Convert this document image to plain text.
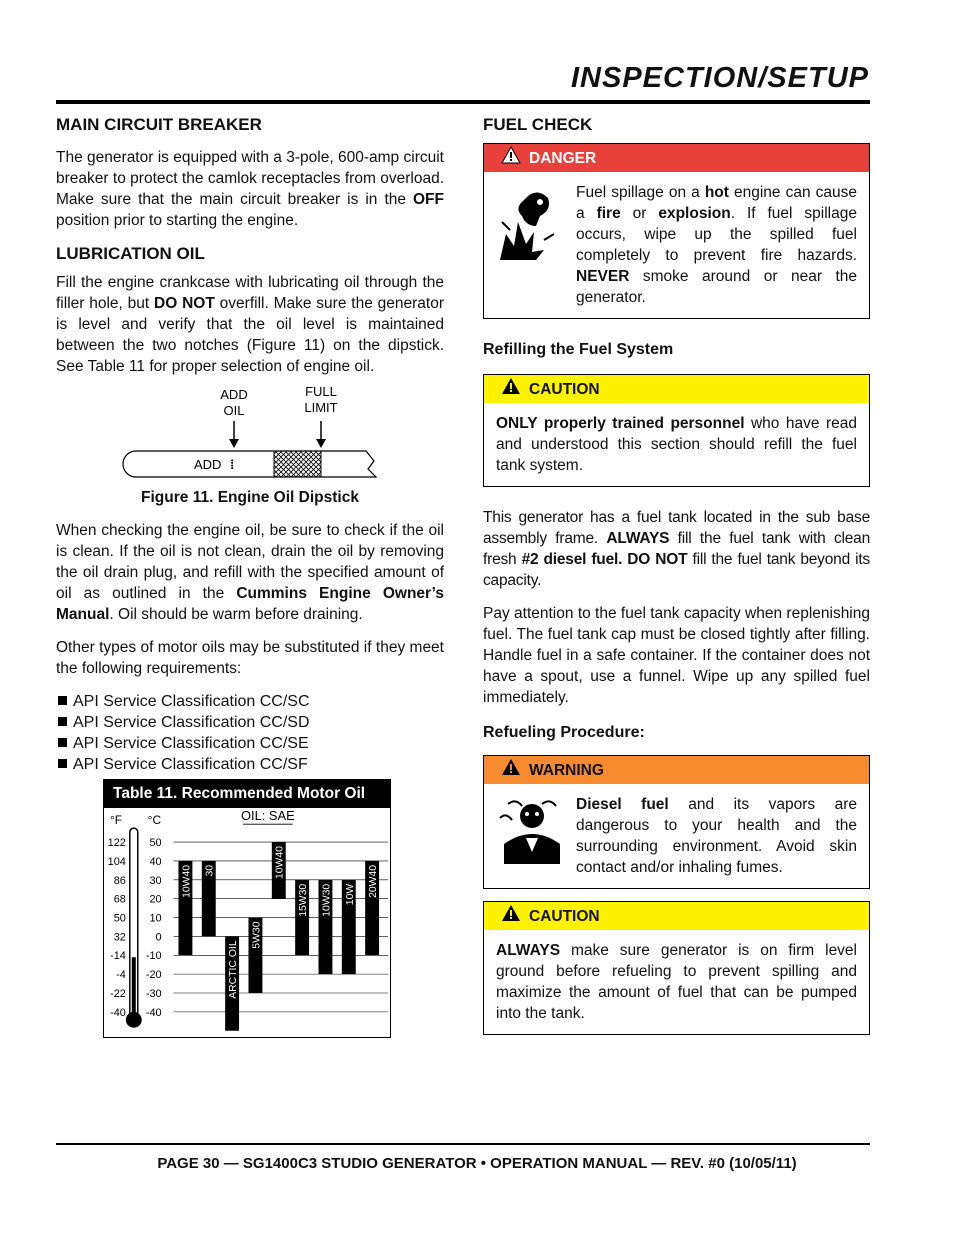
INSPECTION/SETUP
MAIN CIRCUIT BREAKER

The generator is equipped with a 3-pole, 600-amp circuit breaker to protect the camlok receptacles from overload. Make sure that the main circuit breaker is in the OFF position prior to starting the engine.

LUBRICATION OIL

Fill the engine crankcase with lubricating oil through the filler hole, but DO NOT overfill. Make sure the generator is level and verify that the oil level is maintained between the two notches (Figure 11) on the dipstick. See Table 11 for proper selection of engine oil.

ADD
OIL
FULL
LIMIT
ADD ⁞
Figure 11. Engine Oil Dipstick

When checking the engine oil, be sure to check if the oil is clean. If the oil is not clean, drain the oil by removing the oil drain plug, and refill with the specified amount of oil as outlined in the Cummins Engine Owner’s Manual. Oil should be warm before draining.

Other types of motor oils may be substituted if they meet the following requirements:

API Service Classification CC/SC
API Service Classification CC/SD
API Service Classification CC/SE
API Service Classification CC/SF
Table 11. Recommended Motor Oil
°F °C	OIL: SAE
50
122
40
104
30
86
20
68
10
50
0
32
-10
-14
-20
-4
-30
-22
-40
-40
10W40 30
ARCTIC OIL
5W30
10W40
15W30 10W30 10W 20W40
FUEL CHECK
DANGER
Fuel spillage on a hot engine can cause a fire or explosion. If fuel spillage occurs, wipe up the spilled fuel completely to prevent fire hazards. NEVER smoke around or near the generator.
Refilling the Fuel System
CAUTION
ONLY properly trained personnel who have read and understood this section should refill the fuel tank system.

This generator has a fuel tank located in the sub base assembly frame. ALWAYS fill the fuel tank with clean fresh #2 diesel fuel. DO NOT fill the fuel tank beyond its capacity.

Pay attention to the fuel tank capacity when replenishing fuel. The fuel tank cap must be closed tightly after filling. Handle fuel in a safe container. If the container does not have a spout, use a funnel. Wipe up any spilled fuel immediately.

Refueling Procedure:
WARNING
Diesel fuel and its vapors are dangerous to your health and the surrounding environment. Avoid skin contact and/or inhaling fumes.
CAUTION
ALWAYS make sure generator is on firm level ground before refueling to prevent spilling and maximize the amount of fuel that can be pumped into the tank.
PAGE 30 — SG1400C3 STUDIO GENERATOR • OPERATION MANUAL — REV. #0 (10/05/11)
